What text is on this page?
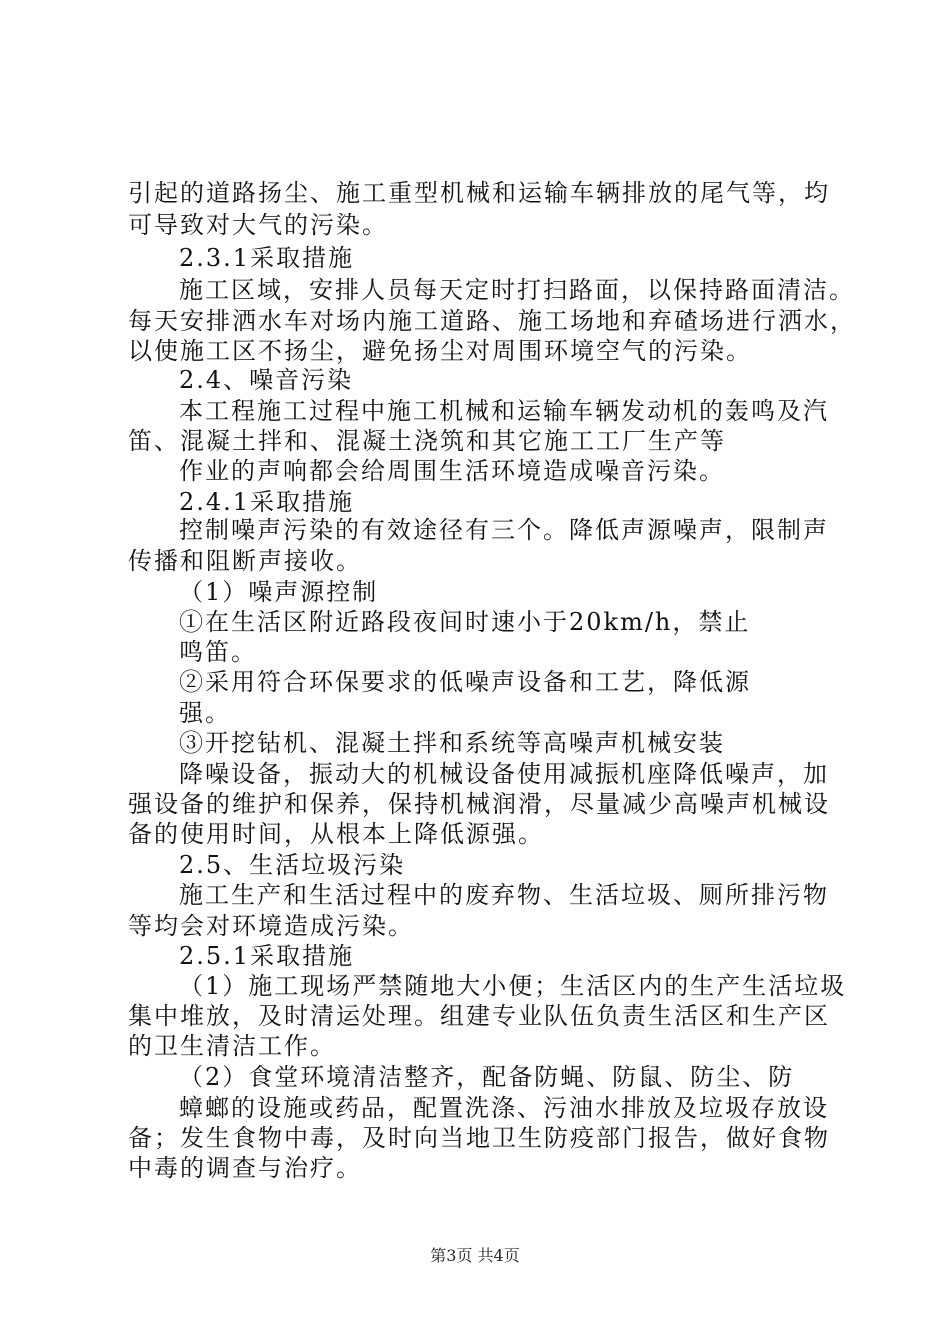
引起的道路扬尘、施工重型机械和运输车辆排放的尾气等，均
可导致对大气的污染。
2.3.1采取措施
施工区域，安排人员每天定时打扫路面，以保持路面清洁。
每天安排洒水车对场内施工道路、施工场地和弃碴场进行洒水，
以使施工区不扬尘，避免扬尘对周围环境空气的污染。
2.4、噪音污染
本工程施工过程中施工机械和运输车辆发动机的轰鸣及汽
笛、混凝土拌和、混凝土浇筑和其它施工工厂生产等
作业的声响都会给周围生活环境造成噪音污染。
2.4.1采取措施
控制噪声污染的有效途径有三个。降低声源噪声，限制声
传播和阻断声接收。
（1）噪声源控制
①在生活区附近路段夜间时速小于20km/h，禁止
鸣笛。
②采用符合环保要求的低噪声设备和工艺，降低源
强。
③开挖钻机、混凝土拌和系统等高噪声机械安装
降噪设备，振动大的机械设备使用减振机座降低噪声，加
强设备的维护和保养，保持机械润滑，尽量减少高噪声机械设
备的使用时间，从根本上降低源强。
2.5、生活垃圾污染
施工生产和生活过程中的废弃物、生活垃圾、厕所排污物
等均会对环境造成污染。
2.5.1采取措施
（1）施工现场严禁随地大小便；生活区内的生产生活垃圾
集中堆放，及时清运处理。组建专业队伍负责生活区和生产区
的卫生清洁工作。
（2）食堂环境清洁整齐，配备防蝇、防鼠、防尘、防
蟑螂的设施或药品，配置洗涤、污油水排放及垃圾存放设
备；发生食物中毒，及时向当地卫生防疫部门报告，做好食物
中毒的调查与治疗。
第3页 共4页
